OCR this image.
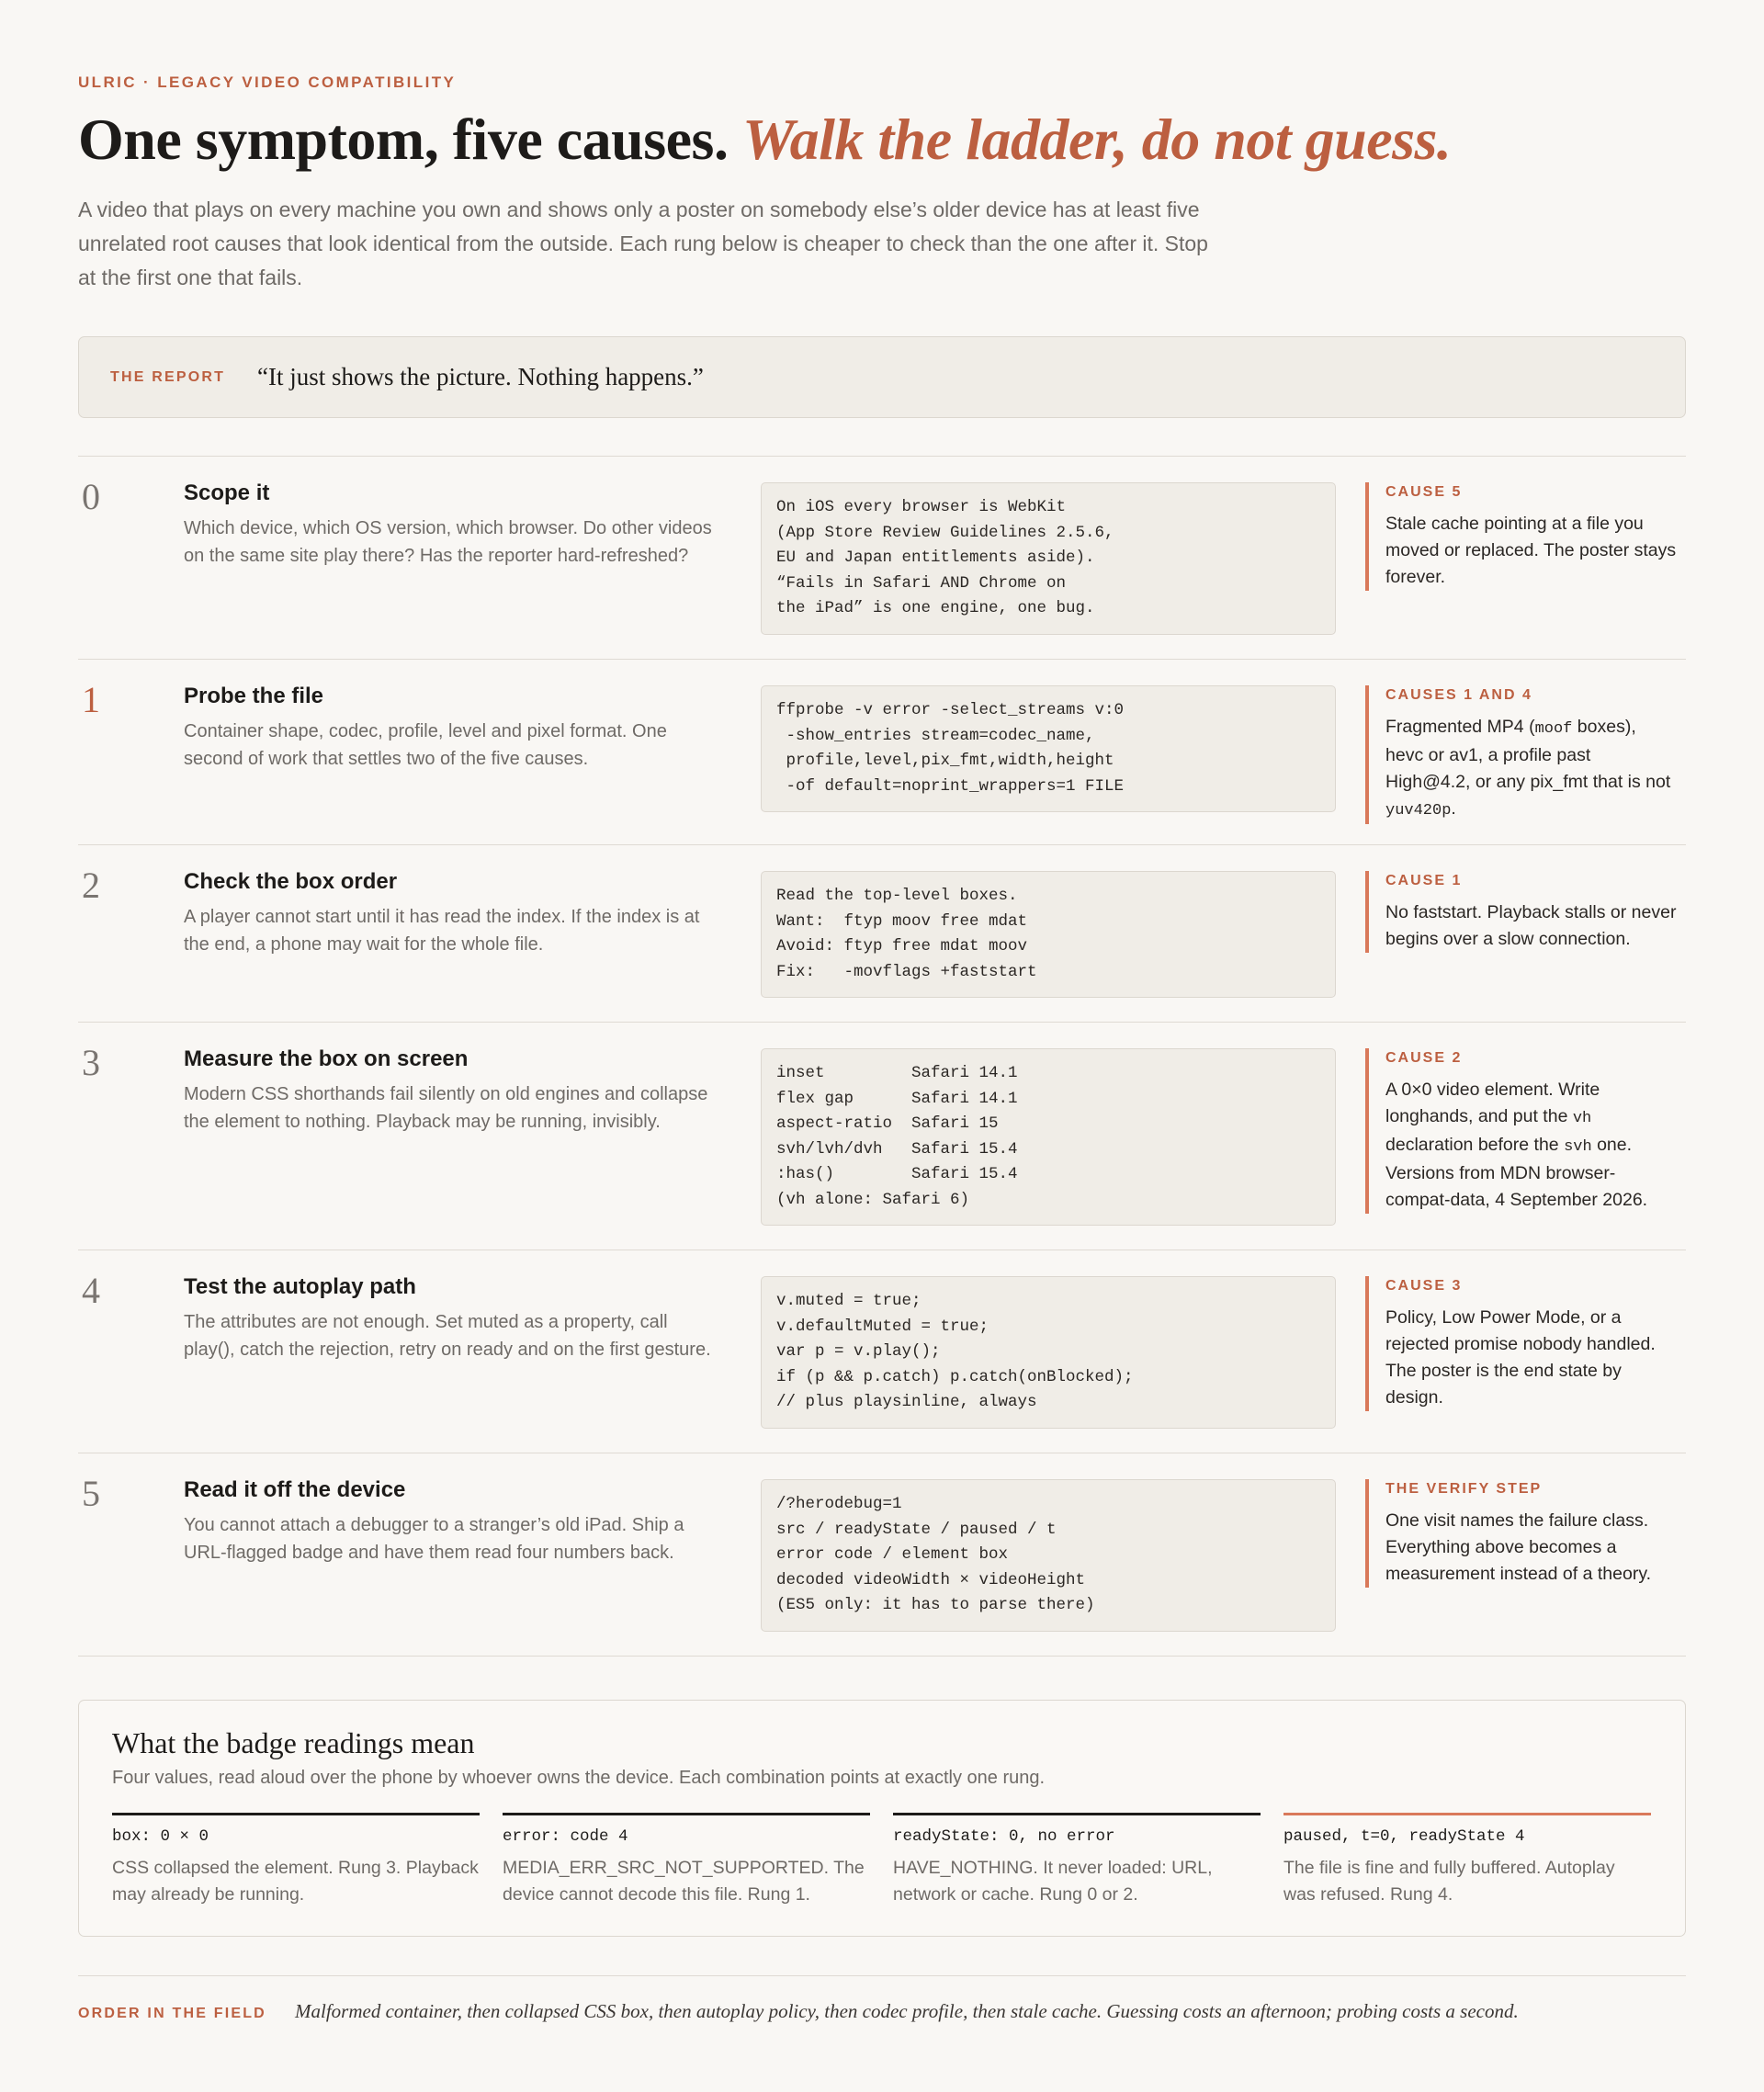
ULRIC · LEGACY VIDEO COMPATIBILITY
One symptom, five causes. Walk the ladder, do not guess.

A video that plays on every machine you own and shows only a poster on somebody else’s older device has at least five unrelated root causes that look identical from the outside. Each rung below is cheaper to check than the one after it. Stop at the first one that fails.

THE REPORT	“It just shows the picture. Nothing happens.”
0	Scope it
Which device, which OS version, which browser. Do other videos on the same site play there? Has the reporter hard-refreshed?
On iOS every browser is WebKit
(App Store Review Guidelines 2.5.6,
EU and Japan entitlements aside).
“Fails in Safari AND Chrome on
the iPad” is one engine, one bug.
CAUSE 5
Stale cache pointing at a file you moved or replaced. The poster stays forever.
1	Probe the file
Container shape, codec, profile, level and pixel format. One second of work that settles two of the five causes.
ffprobe -v error -select_streams v:0
-show_entries stream=codec_name,
profile,level,pix_fmt,width,height
-of default=noprint_wrappers=1 FILE
CAUSES 1 AND 4
Fragmented MP4 (moof boxes), hevc or av1, a profile past High@4.2, or any pix_fmt that is not yuv420p.
2	Check the box order
A player cannot start until it has read the index. If the index is at the end, a phone may wait for the whole file.
Read the top-level boxes.
Want:  ftyp moov free mdat
Avoid: ftyp free mdat moov
Fix:   -movflags +faststart
CAUSE 1
No faststart. Playback stalls or never begins over a slow connection.
3	Measure the box on screen
Modern CSS shorthands fail silently on old engines and collapse the element to nothing. Playback may be running, invisibly.
inset         Safari 14.1
flex gap      Safari 14.1
aspect-ratio  Safari 15
svh/lvh/dvh   Safari 15.4
:has()        Safari 15.4
(vh alone: Safari 6)
CAUSE 2
A 0×0 video element. Write longhands, and put the vh declaration before the svh one. Versions from MDN browser-compat-data, 4 September 2026.
4	Test the autoplay path
The attributes are not enough. Set muted as a property, call play(), catch the rejection, retry on ready and on the first gesture.
v.muted = true;
v.defaultMuted = true;
var p = v.play();
if (p && p.catch) p.catch(onBlocked);
// plus playsinline, always
CAUSE 3
Policy, Low Power Mode, or a rejected promise nobody handled. The poster is the end state by design.
5	Read it off the device
You cannot attach a debugger to a stranger’s old iPad. Ship a URL-flagged badge and have them read four numbers back.
/?herodebug=1
src / readyState / paused / t
error code / element box
decoded videoWidth × videoHeight
(ES5 only: it has to parse there)
THE VERIFY STEP
One visit names the failure class. Everything above becomes a measurement instead of a theory.
What the badge readings mean

Four values, read aloud over the phone by whoever owns the device. Each combination points at exactly one rung.

box: 0 × 0
CSS collapsed the element. Rung 3. Playback may already be running.
error: code 4
MEDIA_ERR_SRC_NOT_SUPPORTED. The device cannot decode this file. Rung 1.
readyState: 0, no error
HAVE_NOTHING. It never loaded: URL, network or cache. Rung 0 or 2.
paused, t=0, readyState 4
The file is fine and fully buffered. Autoplay was refused. Rung 4.
ORDER IN THE FIELD	Malformed container, then collapsed CSS box, then autoplay policy, then codec profile, then stale cache. Guessing costs an afternoon; probing costs a second.
